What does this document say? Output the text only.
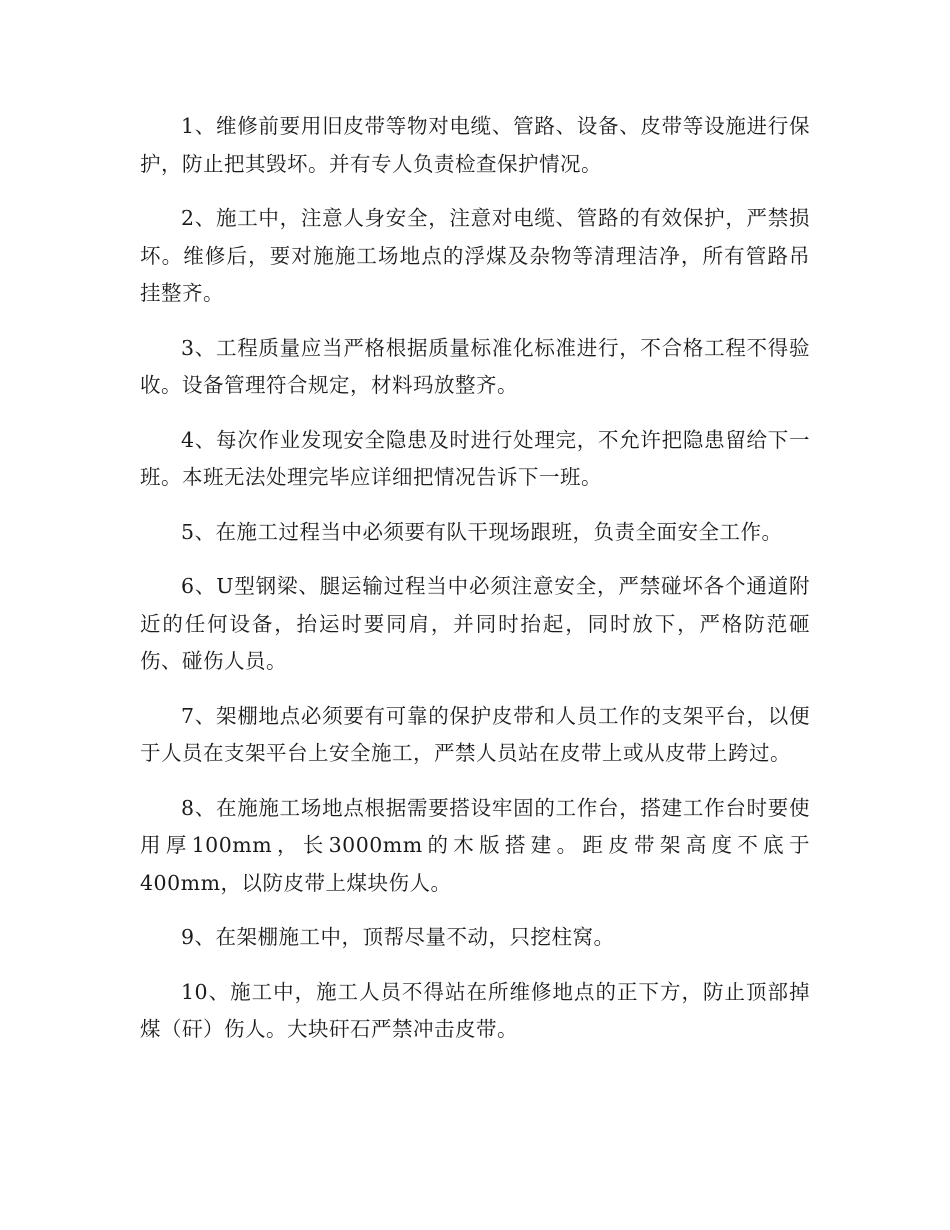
1、维修前要用旧皮带等物对电缆、管路、设备、皮带等设施进行保护，防止把其毁坏。并有专人负责检查保护情况。

2、施工中，注意人身安全，注意对电缆、管路的有效保护，严禁损坏。维修后，要对施施工场地点的浮煤及杂物等清理洁净，所有管路吊挂整齐。

3、工程质量应当严格根据质量标准化标准进行，不合格工程不得验收。设备管理符合规定，材料玛放整齐。

4、每次作业发现安全隐患及时进行处理完，不允许把隐患留给下一班。本班无法处理完毕应详细把情况告诉下一班。

5、在施工过程当中必须要有队干现场跟班，负责全面安全工作。

6、U型钢梁、腿运输过程当中必须注意安全，严禁碰坏各个通道附近的任何设备，抬运时要同肩，并同时抬起，同时放下，严格防范砸伤、碰伤人员。

7、架棚地点必须要有可靠的保护皮带和人员工作的支架平台，以便于人员在支架平台上安全施工，严禁人员站在皮带上或从皮带上跨过。

8、在施施工场地点根据需要搭设牢固的工作台，搭建工作台时要使用厚100mm，长3000mm的木版搭建。距皮带架高度不底于400mm，以防皮带上煤块伤人。

9、在架棚施工中，顶帮尽量不动，只挖柱窝。

10、施工中，施工人员不得站在所维修地点的正下方，防止顶部掉煤（矸）伤人。大块矸石严禁冲击皮带。
